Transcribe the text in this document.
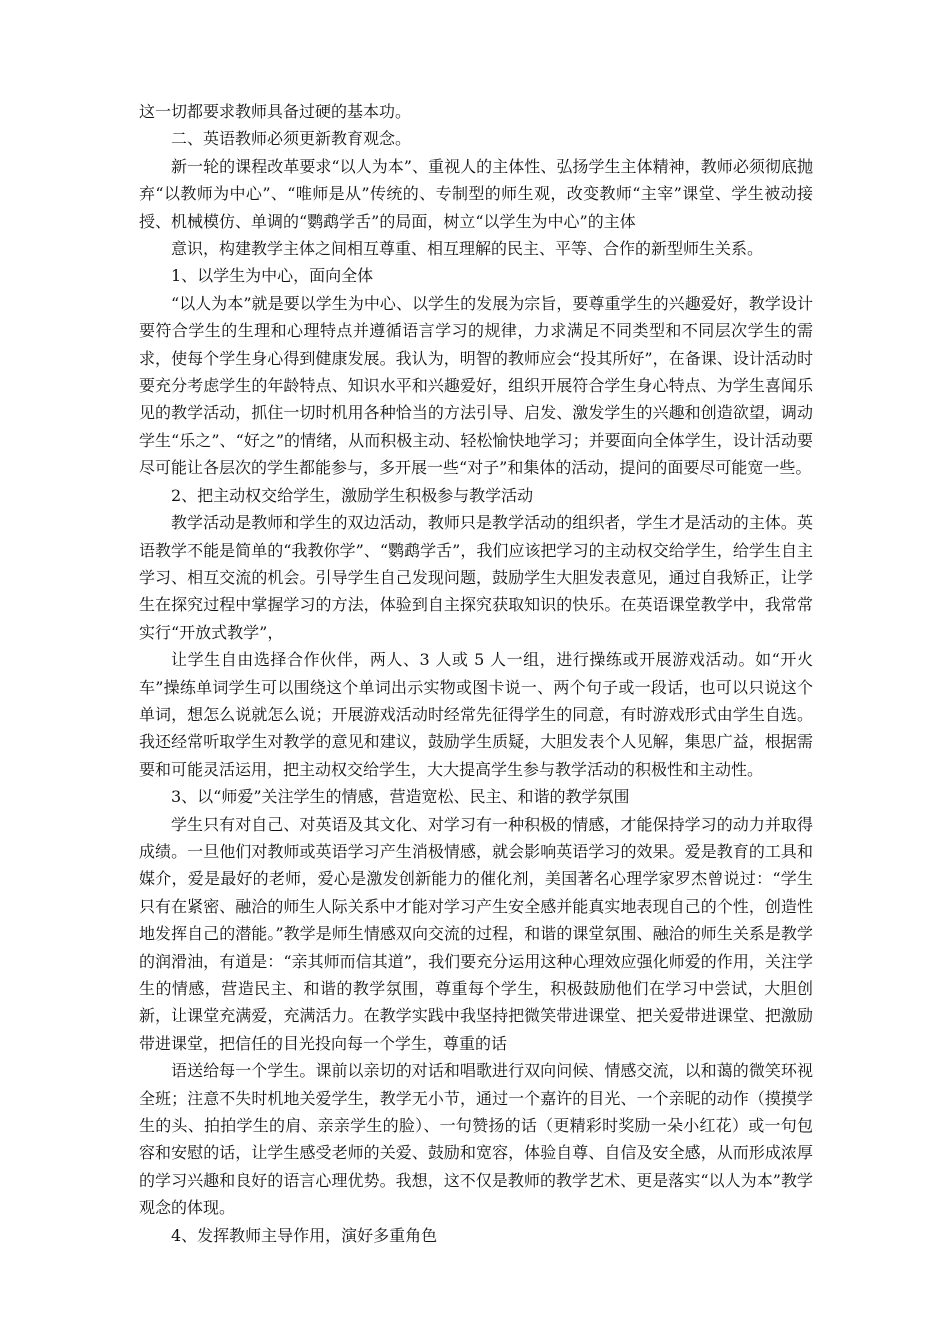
这一切都要求教师具备过硬的基本功。

二、英语教师必须更新教育观念。

新一轮的课程改革要求“以人为本”、重视人的主体性、弘扬学生主体精神，教师必须彻底抛弃“以教师为中心”、“唯师是从”传统的、专制型的师生观，改变教师“主宰”课堂、学生被动接授、机械模仿、单调的“鹦鹉学舌”的局面，树立“以学生为中心”的主体

意识，构建教学主体之间相互尊重、相互理解的民主、平等、合作的新型师生关系。

1、以学生为中心，面向全体

“以人为本”就是要以学生为中心、以学生的发展为宗旨，要尊重学生的兴趣爱好，教学设计要符合学生的生理和心理特点并遵循语言学习的规律，力求满足不同类型和不同层次学生的需求，使每个学生身心得到健康发展。我认为，明智的教师应会“投其所好”，在备课、设计活动时要充分考虑学生的年龄特点、知识水平和兴趣爱好，组织开展符合学生身心特点、为学生喜闻乐见的教学活动，抓住一切时机用各种恰当的方法引导、启发、激发学生的兴趣和创造欲望，调动学生“乐之”、“好之”的情绪，从而积极主动、轻松愉快地学习；并要面向全体学生，设计活动要尽可能让各层次的学生都能参与，多开展一些“对子”和集体的活动，提问的面要尽可能宽一些。

2、把主动权交给学生，激励学生积极参与教学活动

教学活动是教师和学生的双边活动，教师只是教学活动的组织者，学生才是活动的主体。英语教学不能是简单的“我教你学”、“鹦鹉学舌”，我们应该把学习的主动权交给学生，给学生自主学习、相互交流的机会。引导学生自己发现问题，鼓励学生大胆发表意见，通过自我矫正，让学生在探究过程中掌握学习的方法，体验到自主探究获取知识的快乐。在英语课堂教学中，我常常实行“开放式教学”，

让学生自由选择合作伙伴，两人、3 人或 5 人一组，进行操练或开展游戏活动。如“开火车”操练单词学生可以围绕这个单词出示实物或图卡说一、两个句子或一段话，也可以只说这个单词，想怎么说就怎么说；开展游戏活动时经常先征得学生的同意，有时游戏形式由学生自选。我还经常听取学生对教学的意见和建议，鼓励学生质疑，大胆发表个人见解，集思广益，根据需要和可能灵活运用，把主动权交给学生，大大提高学生参与教学活动的积极性和主动性。

3、以“师爱”关注学生的情感，营造宽松、民主、和谐的教学氛围

学生只有对自己、对英语及其文化、对学习有一种积极的情感，才能保持学习的动力并取得成绩。一旦他们对教师或英语学习产生消极情感，就会影响英语学习的效果。爱是教育的工具和媒介，爱是最好的老师，爱心是激发创新能力的催化剂，美国著名心理学家罗杰曾说过：“学生只有在紧密、融洽的师生人际关系中才能对学习产生安全感并能真实地表现自己的个性，创造性地发挥自己的潜能。”教学是师生情感双向交流的过程，和谐的课堂氛围、融洽的师生关系是教学的润滑油，有道是：“亲其师而信其道”，我们要充分运用这种心理效应强化师爱的作用，关注学生的情感，营造民主、和谐的教学氛围，尊重每个学生，积极鼓励他们在学习中尝试，大胆创新，让课堂充满爱，充满活力。在教学实践中我坚持把微笑带进课堂、把关爱带进课堂、把激励带进课堂，把信任的目光投向每一个学生，尊重的话

语送给每一个学生。课前以亲切的对话和唱歌进行双向问候、情感交流，以和蔼的微笑环视全班；注意不失时机地关爱学生，教学无小节，通过一个嘉许的目光、一个亲昵的动作（摸摸学生的头、拍拍学生的肩、亲亲学生的脸）、一句赞扬的话（更精彩时奖励一朵小红花）或一句包容和安慰的话，让学生感受老师的关爱、鼓励和宽容，体验自尊、自信及安全感，从而形成浓厚的学习兴趣和良好的语言心理优势。我想，这不仅是教师的教学艺术、更是落实“以人为本”教学观念的体现。

4、发挥教师主导作用，演好多重角色
